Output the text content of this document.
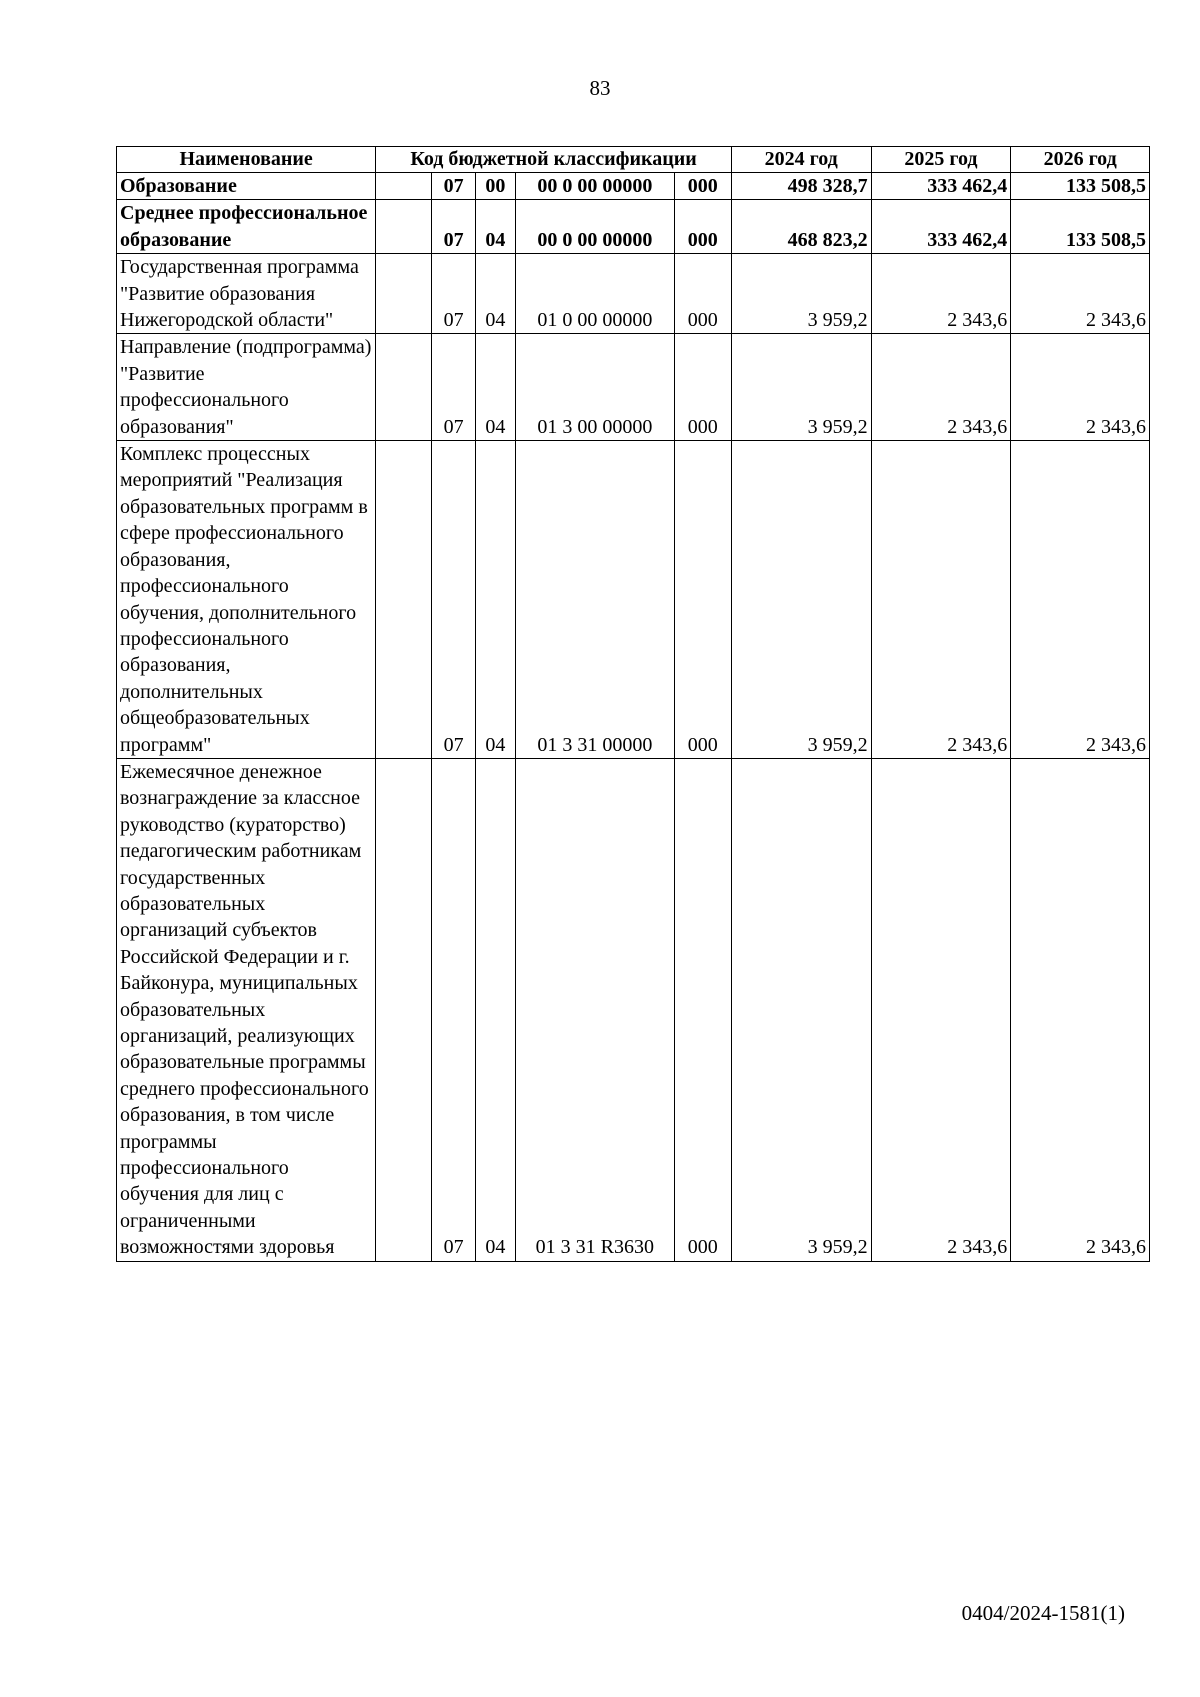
83
Наименование	Код бюджетной классификации					2024 год	2025 год	2026 год
Образование		07	00	00 0 00 00000	000	498 328,7	333 462,4	133 508,5
Среднее профессиональное образование		07	04	00 0 00 00000	000	468 823,2	333 462,4	133 508,5
Государственная программа "Развитие образования Нижегородской области"		07	04	01 0 00 00000	000	3 959,2	2 343,6	2 343,6
Направление (подпрограмма) "Развитие профессионального образования"		07	04	01 3 00 00000	000	3 959,2	2 343,6	2 343,6
Комплекс процессных мероприятий "Реализация образовательных программ в сфере профессионального образования, профессионального обучения, дополнительного профессионального образования, дополнительных общеобразовательных программ"		07	04	01 3 31 00000	000	3 959,2	2 343,6	2 343,6
Ежемесячное денежное вознаграждение за классное руководство (кураторство) педагогическим работникам государственных образовательных организаций субъектов Российской Федерации и г. Байконура, муниципальных образовательных организаций, реализующих образовательные программы среднего профессионального образования, в том числе программы профессионального обучения для лиц с ограниченными возможностями здоровья		07	04	01 3 31 R3630	000	3 959,2	2 343,6	2 343,6
0404/2024-1581(1)
